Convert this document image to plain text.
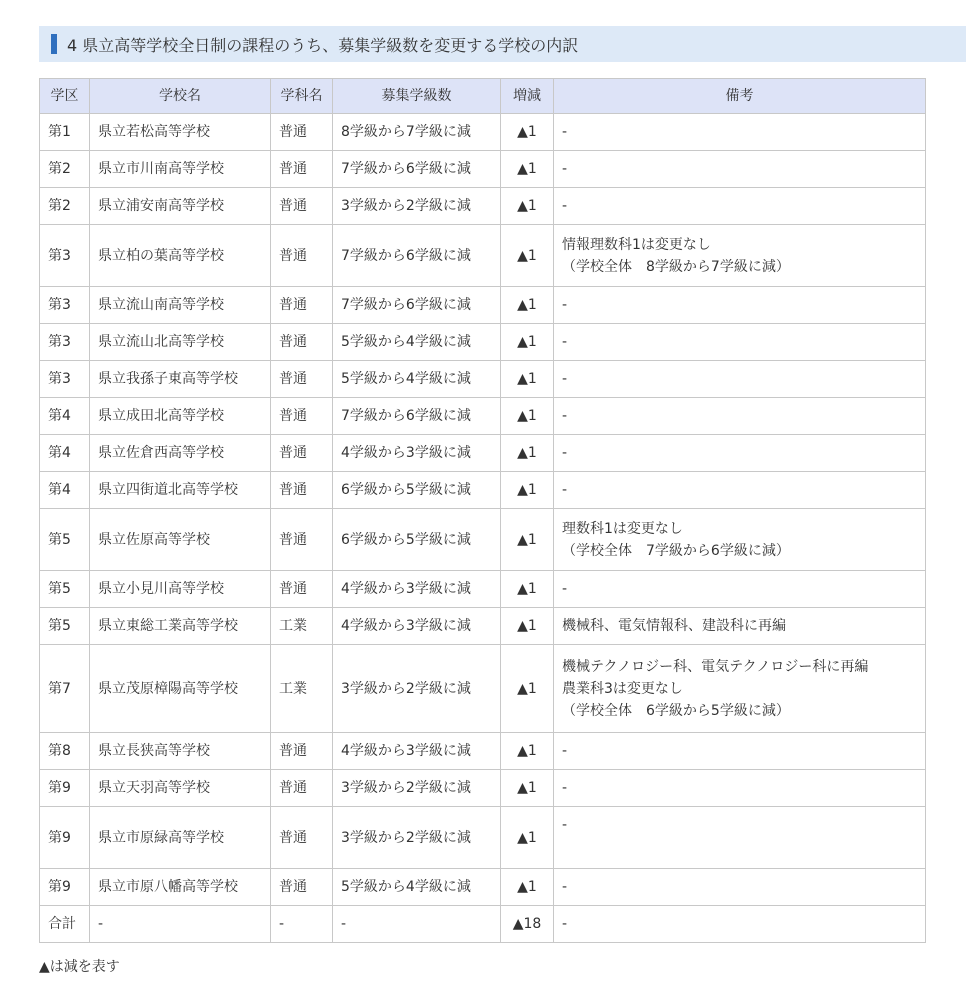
4 県立高等学校全日制の課程のうち、募集学級数を変更する学校の内訳
学区	学校名	学科名	募集学級数	増減	備考
第1	県立若松高等学校	普通	8学級から7学級に減	▲1	-

第2	県立市川南高等学校	普通	7学級から6学級に減	▲1	-

第2	県立浦安南高等学校	普通	3学級から2学級に減	▲1	-

第3	県立柏の葉高等学校	普通	7学級から6学級に減	▲1	情報理数科1は変更なし
（学校全体　8学級から7学級に減）

第3	県立流山南高等学校	普通	7学級から6学級に減	▲1	-

第3	県立流山北高等学校	普通	5学級から4学級に減	▲1	-

第3	県立我孫子東高等学校	普通	5学級から4学級に減	▲1	-

第4	県立成田北高等学校	普通	7学級から6学級に減	▲1	-

第4	県立佐倉西高等学校	普通	4学級から3学級に減	▲1	-

第4	県立四街道北高等学校	普通	6学級から5学級に減	▲1	-

第5	県立佐原高等学校	普通	6学級から5学級に減	▲1	理数科1は変更なし
（学校全体　7学級から6学級に減）

第5	県立小見川高等学校	普通	4学級から3学級に減	▲1	-

第5	県立東総工業高等学校	工業	4学級から3学級に減	▲1	機械科、電気情報科、建設科に再編

第7	県立茂原樟陽高等学校	工業	3学級から2学級に減	▲1	機械テクノロジー科、電気テクノロジー科に再編
農業科3は変更なし
（学校全体　6学級から5学級に減）

第8	県立長狭高等学校	普通	4学級から3学級に減	▲1	-

第9	県立天羽高等学校	普通	3学級から2学級に減	▲1	-

第9	県立市原緑高等学校	普通	3学級から2学級に減	▲1	-

第9	県立市原八幡高等学校	普通	5学級から4学級に減	▲1	-

合計	-	-	-	▲18	-
▲は減を表す
